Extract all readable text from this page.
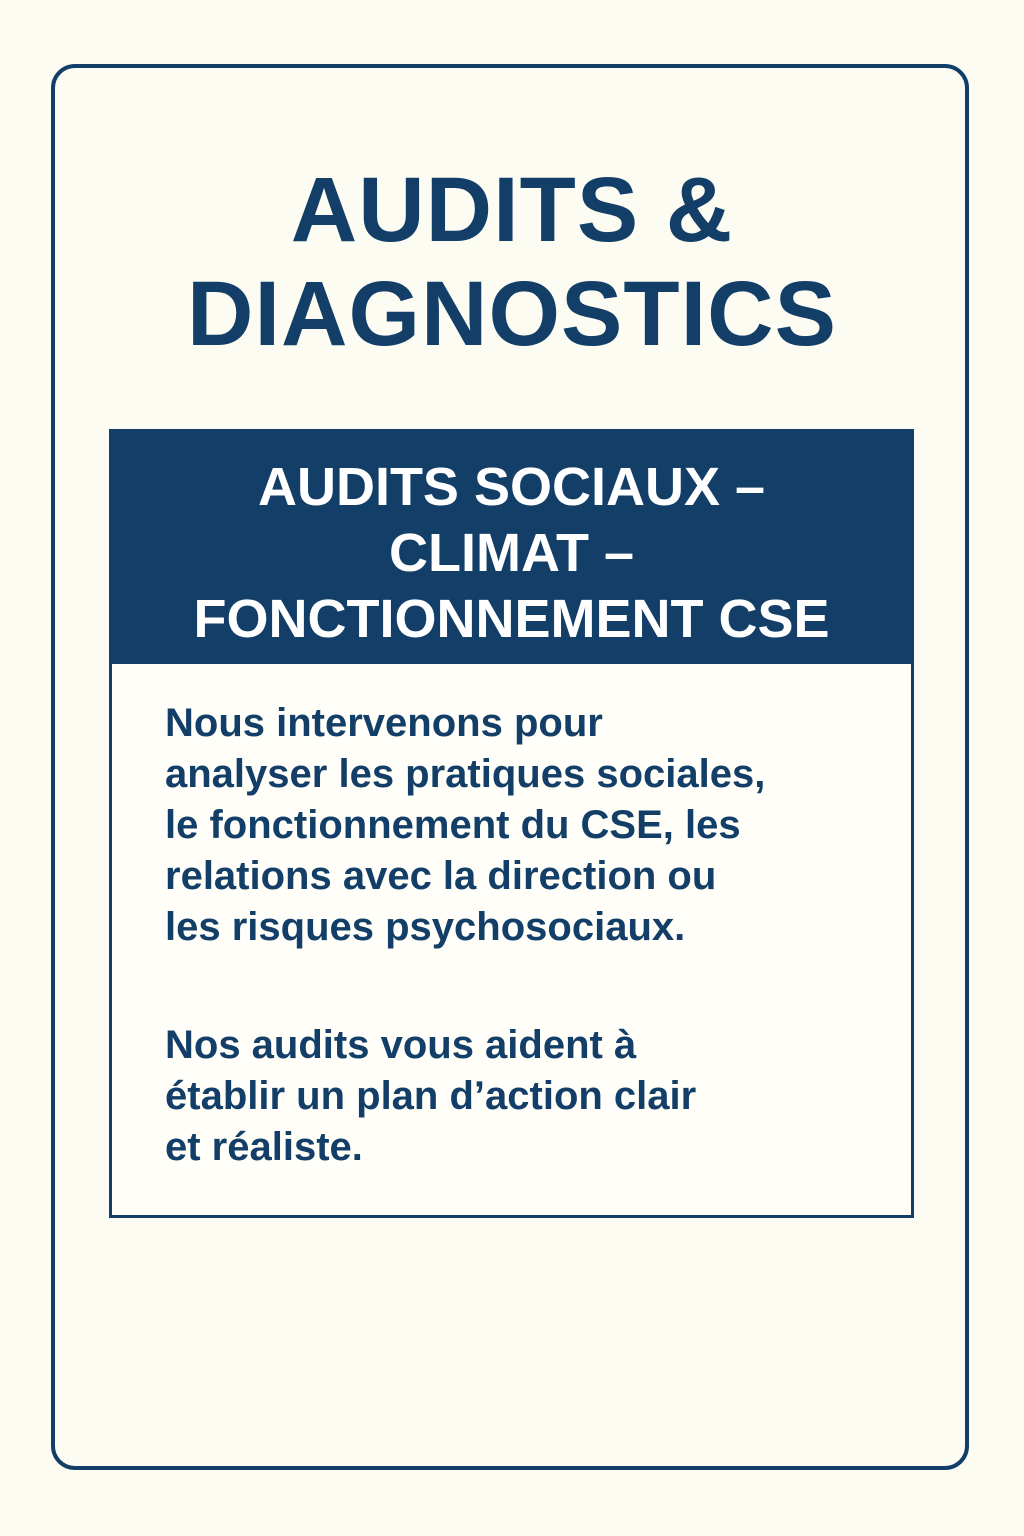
AUDITS &
DIAGNOSTICS
AUDITS SOCIAUX –
CLIMAT –
FONCTIONNEMENT CSE

Nous intervenons pour
analyser les pratiques sociales,
le fonctionnement du CSE, les
relations avec la direction ou
les risques psychosociaux.

Nos audits vous aident à
établir un plan d’action clair
et réaliste.
